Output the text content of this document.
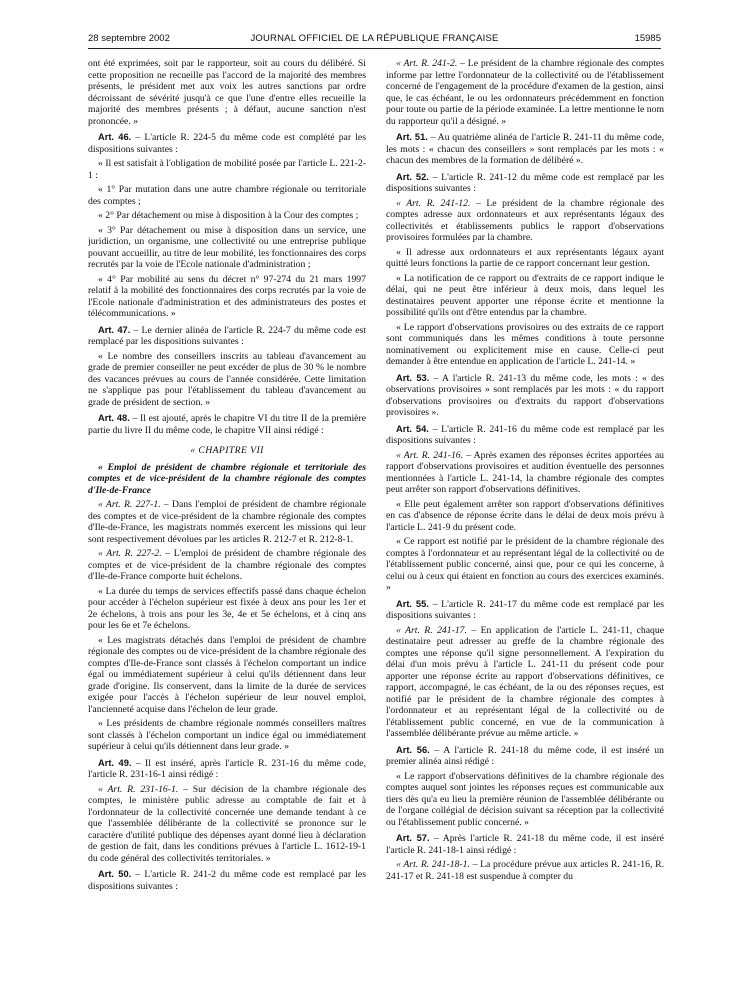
28 septembre 2002	JOURNAL OFFICIEL DE LA RÉPUBLIQUE FRANÇAISE	15985

ont été exprimées, soit par le rapporteur, soit au cours du délibéré. Si cette proposition ne recueille pas l'accord de la majorité des membres présents, le président met aux voix les autres sanctions par ordre décroissant de sévérité jusqu'à ce que l'une d'entre elles recueille la majorité des membres présents ; à défaut, aucune sanction n'est prononcée. »

Art. 46. – L'article R. 224-5 du même code est complété par les dispositions suivantes :

« Il est satisfait à l'obligation de mobilité posée par l'article L. 221-2-1 :

« 1° Par mutation dans une autre chambre régionale ou territoriale des comptes ;

« 2° Par détachement ou mise à disposition à la Cour des comptes ;

« 3° Par détachement ou mise à disposition dans un service, une juridiction, un organisme, une collectivité ou une entreprise publique pouvant accueillir, au titre de leur mobilité, les fonctionnaires des corps recrutés par la voie de l'Ecole nationale d'administration ;

« 4° Par mobilité au sens du décret n° 97-274 du 21 mars 1997 relatif à la mobilité des fonctionnaires des corps recrutés par la voie de l'Ecole nationale d'administration et des administrateurs des postes et télécommunications. »

Art. 47. – Le dernier alinéa de l'article R. 224-7 du même code est remplacé par les dispositions suivantes :

« Le nombre des conseillers inscrits au tableau d'avancement au grade de premier conseiller ne peut excéder de plus de 30 % le nombre des vacances prévues au cours de l'année considérée. Cette limitation ne s'applique pas pour l'établissement du tableau d'avancement au grade de président de section. »

Art. 48. – Il est ajouté, après le chapitre VI du titre II de la première partie du livre II du même code, le chapitre VII ainsi rédigé :

« CHAPITRE VII

« Emploi de président de chambre régionale et territoriale des comptes et de vice-président de la chambre régionale des comptes d'Ile-de-France

« Art. R. 227-1. – Dans l'emploi de président de chambre régionale des comptes et de vice-président de la chambre régionale des comptes d'Ile-de-France, les magistrats nommés exercent les missions qui leur sont respectivement dévolues par les articles R. 212-7 et R. 212-8-1.

« Art. R. 227-2. – L'emploi de président de chambre régionale des comptes et de vice-président de la chambre régionale des comptes d'Ile-de-France comporte huit échelons.

« La durée du temps de services effectifs passé dans chaque échelon pour accéder à l'échelon supérieur est fixée à deux ans pour les 1er et 2e échelons, à trois ans pour les 3e, 4e et 5e échelons, et à cinq ans pour les 6e et 7e échelons.

« Les magistrats détachés dans l'emploi de président de chambre régionale des comptes ou de vice-président de la chambre régionale des comptes d'Ile-de-France sont classés à l'échelon comportant un indice égal ou immédiatement supérieur à celui qu'ils détiennent dans leur grade d'origine. Ils conservent, dans la limite de la durée de services exigée pour l'accès à l'échelon supérieur de leur nouvel emploi, l'ancienneté acquise dans l'échelon de leur grade.

« Les présidents de chambre régionale nommés conseillers maîtres sont classés à l'échelon comportant un indice égal ou immédiatement supérieur à celui qu'ils détiennent dans leur grade. »

Art. 49. – Il est inséré, après l'article R. 231-16 du même code, l'article R. 231-16-1 ainsi rédigé :

« Art. R. 231-16-1. – Sur décision de la chambre régionale des comptes, le ministère public adresse au comptable de fait et à l'ordonnateur de la collectivité concernée une demande tendant à ce que l'assemblée délibérante de la collectivité se prononce sur le caractère d'utilité publique des dépenses ayant donné lieu à déclaration de gestion de fait, dans les conditions prévues à l'article L. 1612-19-1 du code général des collectivités territoriales. »

Art. 50. – L'article R. 241-2 du même code est remplacé par les dispositions suivantes :

« Art. R. 241-2. – Le président de la chambre régionale des comptes informe par lettre l'ordonnateur de la collectivité ou de l'établissement concerné de l'engagement de la procédure d'examen de la gestion, ainsi que, le cas échéant, le ou les ordonnateurs précédemment en fonction pour toute ou partie de la période examinée. La lettre mentionne le nom du rapporteur qu'il a désigné. »

Art. 51. – Au quatrième alinéa de l'article R. 241-11 du même code, les mots : « chacun des conseillers » sont remplacés par les mots : « chacun des membres de la formation de délibéré ».

Art. 52. – L'article R. 241-12 du même code est remplacé par les dispositions suivantes :

« Art. R. 241-12. – Le président de la chambre régionale des comptes adresse aux ordonnateurs et aux représentants légaux des collectivités et établissements publics le rapport d'observations provisoires formulées par la chambre.

« Il adresse aux ordonnateurs et aux représentants légaux ayant quitté leurs fonctions la partie de ce rapport concernant leur gestion.

« La notification de ce rapport ou d'extraits de ce rapport indique le délai, qui ne peut être inférieur à deux mois, dans lequel les destinataires peuvent apporter une réponse écrite et mentionne la possibilité qu'ils ont d'être entendus par la chambre.

« Le rapport d'observations provisoires ou des extraits de ce rapport sont communiqués dans les mêmes conditions à toute personne nominativement ou explicitement mise en cause. Celle-ci peut demander à être entendue en application de l'article L. 241-14. »

Art. 53. – A l'article R. 241-13 du même code, les mots : « des observations provisoires » sont remplacés par les mots : « du rapport d'observations provisoires ou d'extraits du rapport d'observations provisoires ».

Art. 54. – L'article R. 241-16 du même code est remplacé par les dispositions suivantes :

« Art. R. 241-16. – Après examen des réponses écrites apportées au rapport d'observations provisoires et audition éventuelle des personnes mentionnées à l'article L. 241-14, la chambre régionale des comptes peut arrêter son rapport d'observations définitives.

« Elle peut également arrêter son rapport d'observations définitives en cas d'absence de réponse écrite dans le délai de deux mois prévu à l'article L. 241-9 du présent code.

« Ce rapport est notifié par le président de la chambre régionale des comptes à l'ordonnateur et au représentant légal de la collectivité ou de l'établissement public concerné, ainsi que, pour ce qui les concerne, à celui ou à ceux qui étaient en fonction au cours des exercices examinés. »

Art. 55. – L'article R. 241-17 du même code est remplacé par les dispositions suivantes :

« Art. R. 241-17. – En application de l'article L. 241-11, chaque destinataire peut adresser au greffe de la chambre régionale des comptes une réponse qu'il signe personnellement. A l'expiration du délai d'un mois prévu à l'article L. 241-11 du présent code pour apporter une réponse écrite au rapport d'observations définitives, ce rapport, accompagné, le cas échéant, de la ou des réponses reçues, est notifié par le président de la chambre régionale des comptes à l'ordonnateur et au représentant légal de la collectivité ou de l'établissement public concerné, en vue de la communication à l'assemblée délibérante prévue au même article. »

Art. 56. – A l'article R. 241-18 du même code, il est inséré un premier alinéa ainsi rédigé :

« Le rapport d'observations définitives de la chambre régionale des comptes auquel sont jointes les réponses reçues est communicable aux tiers dès qu'a eu lieu la première réunion de l'assemblée délibérante ou de l'organe collégial de décision suivant sa réception par la collectivité ou l'établissement public concerné. »

Art. 57. – Après l'article R. 241-18 du même code, il est inséré l'article R. 241-18-1 ainsi rédigé :

« Art. R. 241-18-1. – La procédure prévue aux articles R. 241-16, R. 241-17 et R. 241-18 est suspendue à compter du
